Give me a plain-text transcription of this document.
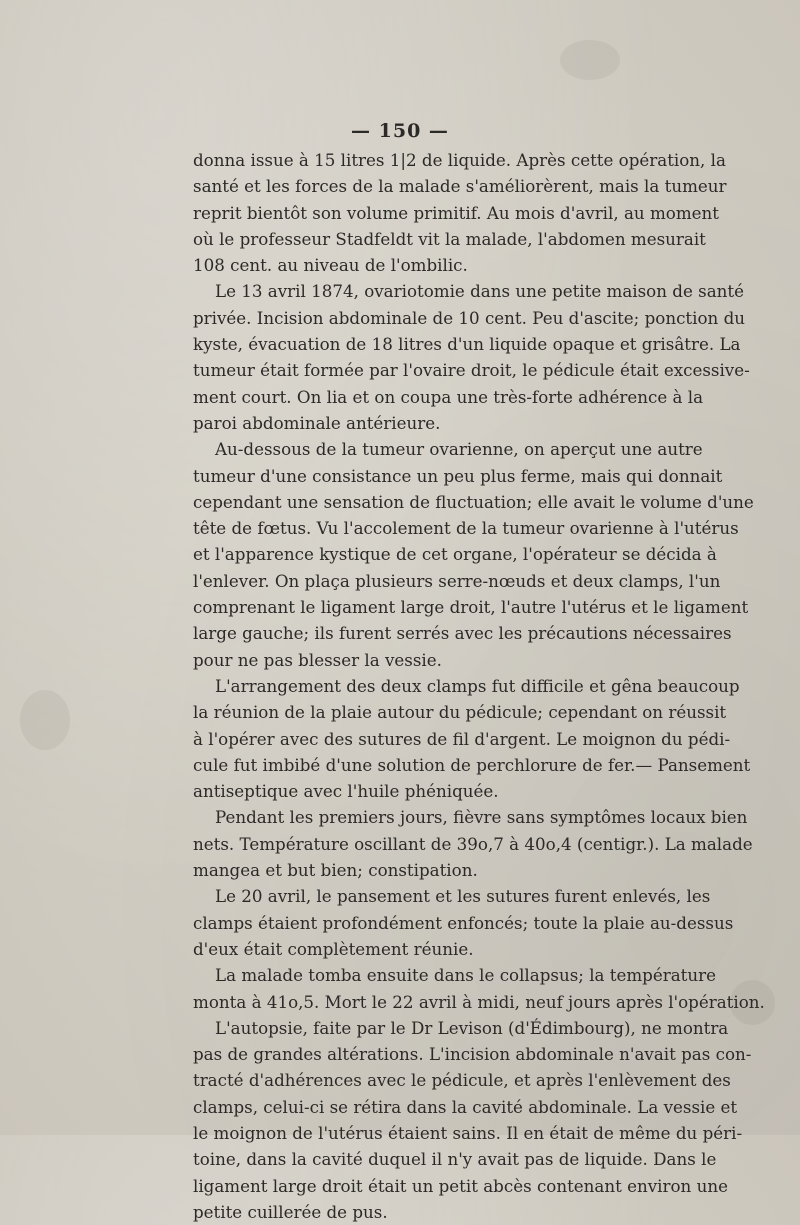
— 150 —
donna issue à 15 litres 1|2 de liquide. Après cette opération, la
santé et les forces de la malade s'améliorèrent, mais la tumeur
reprit bientôt son volume primitif. Au mois d'avril, au moment
où le professeur Stadfeldt vit la malade, l'abdomen mesurait
108 cent. au niveau de l'ombilic.
Le 13 avril 1874, ovariotomie dans une petite maison de santé
privée. Incision abdominale de 10 cent. Peu d'ascite; ponction du
kyste, évacuation de 18 litres d'un liquide opaque et grisâtre. La
tumeur était formée par l'ovaire droit, le pédicule était excessive-
ment court. On lia et on coupa une très-forte adhérence à la
paroi abdominale antérieure.
Au-dessous de la tumeur ovarienne, on aperçut une autre
tumeur d'une consistance un peu plus ferme, mais qui donnait
cependant une sensation de fluctuation; elle avait le volume d'une
tête de fœtus. Vu l'accolement de la tumeur ovarienne à l'utérus
et l'apparence kystique de cet organe, l'opérateur se décida à
l'enlever. On plaça plusieurs serre-nœuds et deux clamps, l'un
comprenant le ligament large droit, l'autre l'utérus et le ligament
large gauche; ils furent serrés avec les précautions nécessaires
pour ne pas blesser la vessie.
L'arrangement des deux clamps fut difficile et gêna beaucoup
la réunion de la plaie autour du pédicule; cependant on réussit
à l'opérer avec des sutures de fil d'argent. Le moignon du pédi-
cule fut imbibé d'une solution de perchlorure de fer.— Pansement
antiseptique avec l'huile phéniquée.
Pendant les premiers jours, fièvre sans symptômes locaux bien
nets. Température oscillant de 39o,7 à 40o,4 (centigr.). La malade
mangea et but bien; constipation.
Le 20 avril, le pansement et les sutures furent enlevés, les
clamps étaient profondément enfoncés; toute la plaie au-dessus
d'eux était complètement réunie.
La malade tomba ensuite dans le collapsus; la température
monta à 41o,5. Mort le 22 avril à midi, neuf jours après l'opération.
L'autopsie, faite par le Dr Levison (d'Édimbourg), ne montra
pas de grandes altérations. L'incision abdominale n'avait pas con-
tracté d'adhérences avec le pédicule, et après l'enlèvement des
clamps, celui-ci se rétira dans la cavité abdominale. La vessie et
le moignon de l'utérus étaient sains. Il en était de même du péri-
toine, dans la cavité duquel il n'y avait pas de liquide. Dans le
ligament large droit était un petit abcès contenant environ une
petite cuillerée de pus.
